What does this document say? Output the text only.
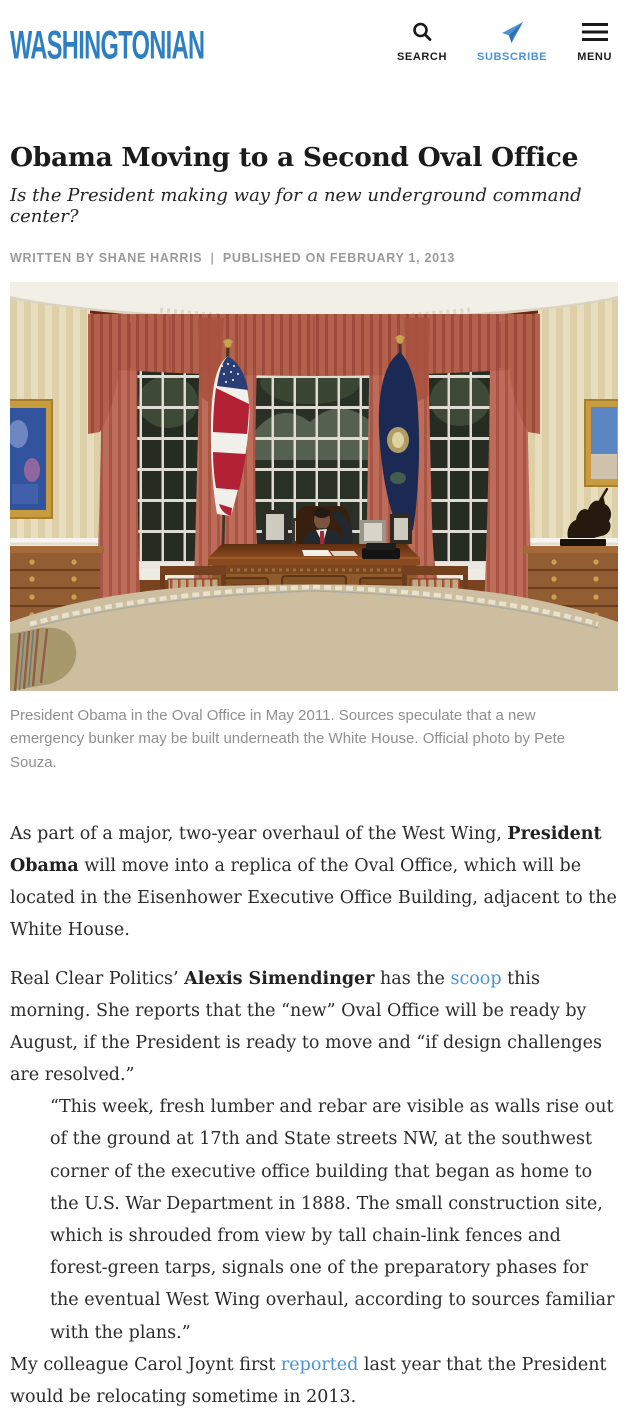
WASHINGTONIAN	SEARCH	SUBSCRIBE	MENU
Obama Moving to a Second Oval Office

Is the President making way for a new underground command center?

WRITTEN BY SHANE HARRIS | PUBLISHED ON FEBRUARY 1, 2013
President Obama in the Oval Office in May 2011. Sources speculate that a new emergency bunker may be built underneath the White House. Official photo by Pete Souza.

As part of a major, two-year overhaul of the West Wing, President Obama will move into a replica of the Oval Office, which will be located in the Eisenhower Executive Office Building, adjacent to the White House.

Real Clear Politics’ Alexis Simendinger has the scoop this morning. She reports that the “new” Oval Office will be ready by August, if the President is ready to move and “if design challenges are resolved.”

“This week, fresh lumber and rebar are visible as walls rise out of the ground at 17th and State streets NW, at the southwest corner of the executive office building that began as home to the U.S. War Department in 1888. The small construction site, which is shrouded from view by tall chain-link fences and forest-green tarps, signals one of the preparatory phases for the eventual West Wing overhaul, according to sources familiar with the plans.”

My colleague Carol Joynt first reported last year that the President would be relocating sometime in 2013.
